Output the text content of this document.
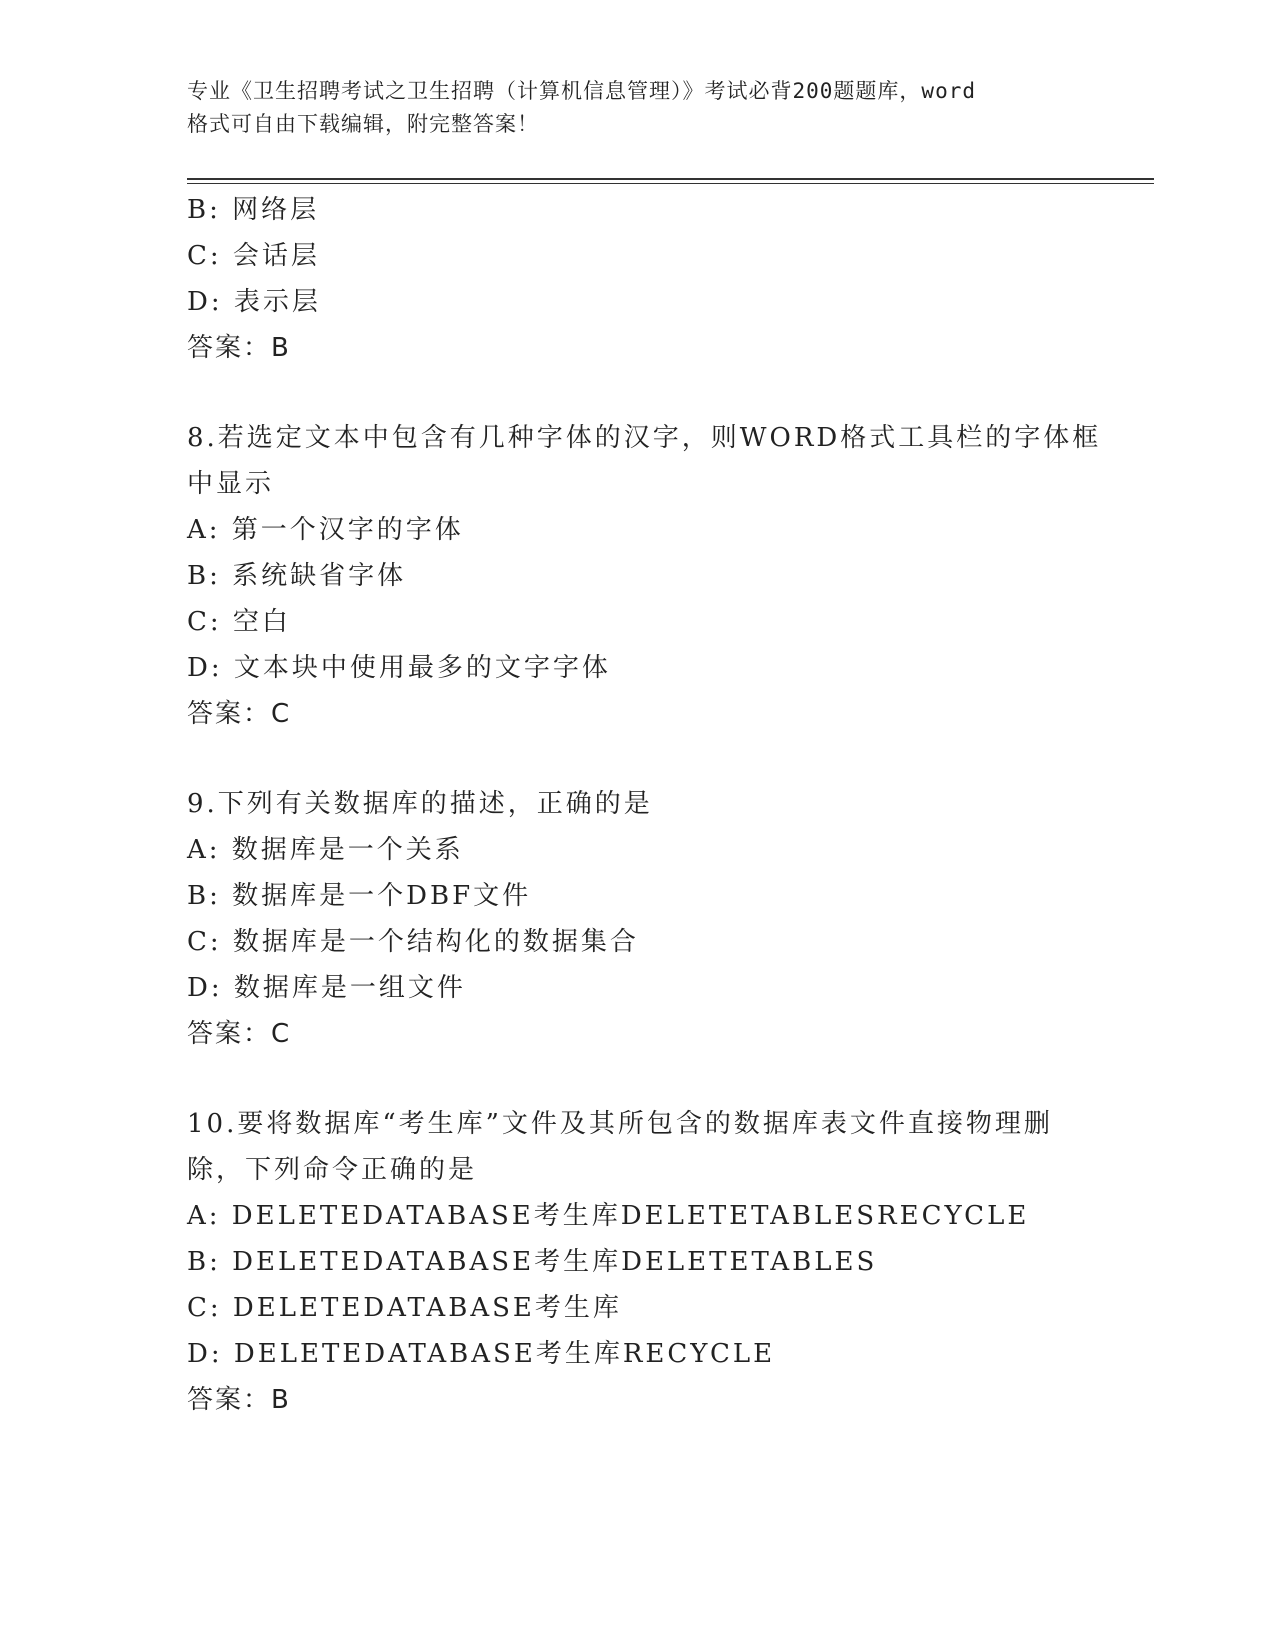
专业《卫生招聘考试之卫生招聘（计算机信息管理）》考试必背200题题库，word
格式可自由下载编辑，附完整答案！
B: 网络层
C: 会话层
D: 表示层
答案：B
8.若选定文本中包含有几种字体的汉字，则WORD格式工具栏的字体框
中显示
A: 第一个汉字的字体
B: 系统缺省字体
C: 空白
D: 文本块中使用最多的文字字体
答案：C
9.下列有关数据库的描述，正确的是
A: 数据库是一个关系
B: 数据库是一个DBF文件
C: 数据库是一个结构化的数据集合
D: 数据库是一组文件
答案：C
10.要将数据库“考生库”文件及其所包含的数据库表文件直接物理删
除，下列命令正确的是
A: DELETEDATABASE考生库DELETETABLESRECYCLE
B: DELETEDATABASE考生库DELETETABLES
C: DELETEDATABASE考生库
D: DELETEDATABASE考生库RECYCLE
答案：B
